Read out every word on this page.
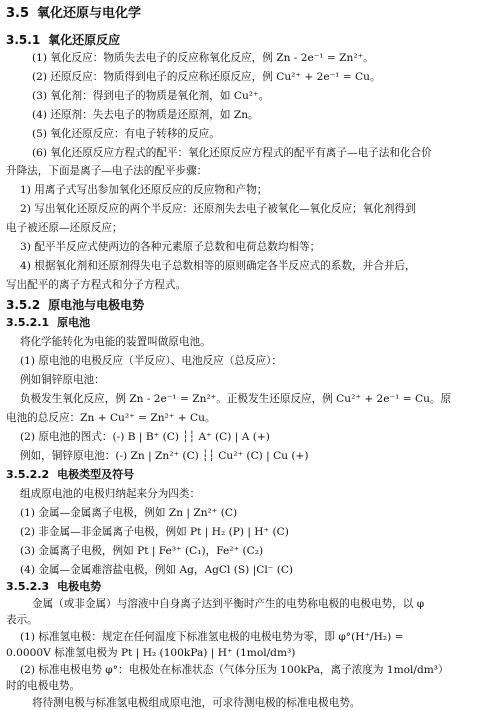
3.5 氧化还原与电化学
3.5.1 氧化还原反应
(1) 氧化反应：物质失去电子的反应称氧化反应，例 Zn - 2e⁻¹ = Zn²⁺。
(2) 还原反应：物质得到电子的反应称还原反应，例 Cu²⁺ + 2e⁻¹ = Cu。
(3) 氧化剂：得到电子的物质是氧化剂，如 Cu²⁺。
(4) 还原剂：失去电子的物质是还原剂，如 Zn。
(5) 氧化还原反应：有电子转移的反应。
(6) 氧化还原反应方程式的配平：氧化还原反应方程式的配平有离子—电子法和化合价
升降法，下面是离子—电子法的配平步骤：
1) 用离子式写出参加氧化还原反应的反应物和产物；
2) 写出氧化还原反应的两个半反应：还原剂失去电子被氧化—氧化反应；氧化剂得到
电子被还原—还原反应；
3) 配平半反应式使两边的各种元素原子总数和电荷总数均相等；
4) 根据氧化剂和还原剂得失电子总数相等的原则确定各半反应式的系数，并合并后，
写出配平的离子方程式和分子方程式。
3.5.2 原电池与电极电势
3.5.2.1 原电池
将化学能转化为电能的装置叫做原电池。
(1) 原电池的电极反应（半反应）、电池反应（总反应）：
例如铜锌原电池：
负极发生氧化反应，例 Zn - 2e⁻¹ = Zn²⁺。正极发生还原反应，例 Cu²⁺ + 2e⁻¹ = Cu。原
电池的总反应：Zn + Cu²⁺ = Zn²⁺ + Cu。
(2) 原电池的图式：(-) B | B⁺ (C) ┆┆ A⁺ (C) | A (+)
例如，铜锌原电池：(-) Zn | Zn²⁺ (C) ┆┆ Cu²⁺ (C) | Cu (+)
3.5.2.2 电极类型及符号
组成原电池的电极归纳起来分为四类：
(1) 金属—金属离子电极，例如 Zn | Zn²⁺ (C)
(2) 非金属—非金属离子电极，例如 Pt | H₂ (P) | H⁺ (C)
(3) 金属离子电极，例如 Pt | Fe³⁺ (C₁)，Fe²⁺ (C₂)
(4) 金属—金属难溶盐电极，例如 Ag，AgCl (S) |Cl⁻ (C)
3.5.2.3 电极电势
金属（或非金属）与溶液中自身离子达到平衡时产生的电势称电极的电极电势，以 φ
表示。
(1) 标准氢电极：规定在任何温度下标准氢电极的电极电势为零，即 φ°(H⁺/H₂) =
0.0000V 标准氢电极为 Pt | H₂ (100kPa) | H⁺ (1mol/dm³)
(2) 标准电极电势 φ°：电极处在标准状态（气体分压为 100kPa，离子浓度为 1mol/dm³）
时的电极电势。
将待测电极与标准氢电极组成原电池，可求待测电极的标准电极电势。
